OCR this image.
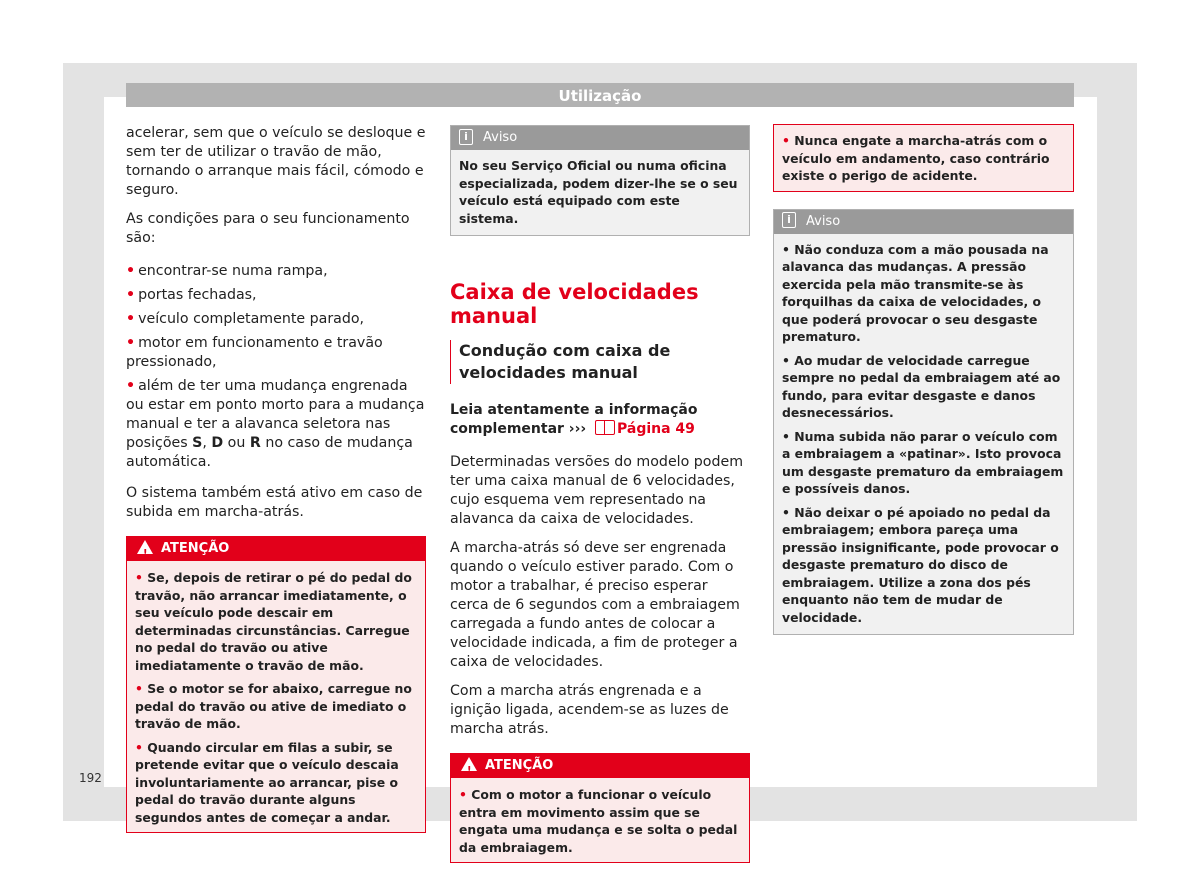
Utilização

acelerar, sem que o veículo se desloque e sem ter de utilizar o travão de mão, tornando o arranque mais fácil, cómodo e seguro.

As condições para o seu funcionamento são:

• encontrar-se numa rampa,
• portas fechadas,
• veículo completamente parado,
• motor em funcionamento e travão pressionado,
• além de ter uma mudança engrenada ou estar em ponto morto para a mudança manual e ter a alavanca seletora nas posições S, D ou R no caso de mudança automática.

O sistema também está ativo em caso de subida em marcha-atrás.

!ATENÇÃO

• Se, depois de retirar o pé do pedal do travão, não arrancar imediatamente, o seu veículo pode descair em determinadas circunstâncias. Carregue no pedal do travão ou ative imediatamente o travão de mão.

• Se o motor se for abaixo, carregue no pedal do travão ou ative de imediato o travão de mão.

• Quando circular em filas a subir, se pretende evitar que o veículo descaia involuntariamente ao arrancar, pise o pedal do travão durante alguns segundos antes de começar a andar.

i Aviso
No seu Serviço Oficial ou numa oficina especializada, podem dizer-lhe se o seu veículo está equipado com este sistema.
Caixa de velocidades manual
Condução com caixa de velocidades manual

Leia atentamente a informação complementar ››› Página 49

Determinadas versões do modelo podem ter uma caixa manual de 6 velocidades, cujo esquema vem representado na alavanca da caixa de velocidades.

A marcha-atrás só deve ser engrenada quando o veículo estiver parado. Com o motor a trabalhar, é preciso esperar cerca de 6 segundos com a embraiagem carregada a fundo antes de colocar a velocidade indicada, a fim de proteger a caixa de velocidades.

Com a marcha atrás engrenada e a ignição ligada, acendem-se as luzes de marcha atrás.

!ATENÇÃO

• Com o motor a funcionar o veículo entra em movimento assim que se engata uma mudança e se solta o pedal da embraiagem.

• Nunca engate a marcha-atrás com o veículo em andamento, caso contrário existe o perigo de acidente.

i Aviso

• Não conduza com a mão pousada na alavanca das mudanças. A pressão exercida pela mão transmite-se às forquilhas da caixa de velocidades, o que poderá provocar o seu desgaste prematuro.

• Ao mudar de velocidade carregue sempre no pedal da embraiagem até ao fundo, para evitar desgaste e danos desnecessários.

• Numa subida não parar o veículo com a embraiagem a «patinar». Isto provoca um desgaste prematuro da embraiagem e possíveis danos.

• Não deixar o pé apoiado no pedal da embraiagem; embora pareça uma pressão insignificante, pode provocar o desgaste prematuro do disco de embraiagem. Utilize a zona dos pés enquanto não tem de mudar de velocidade.

192
